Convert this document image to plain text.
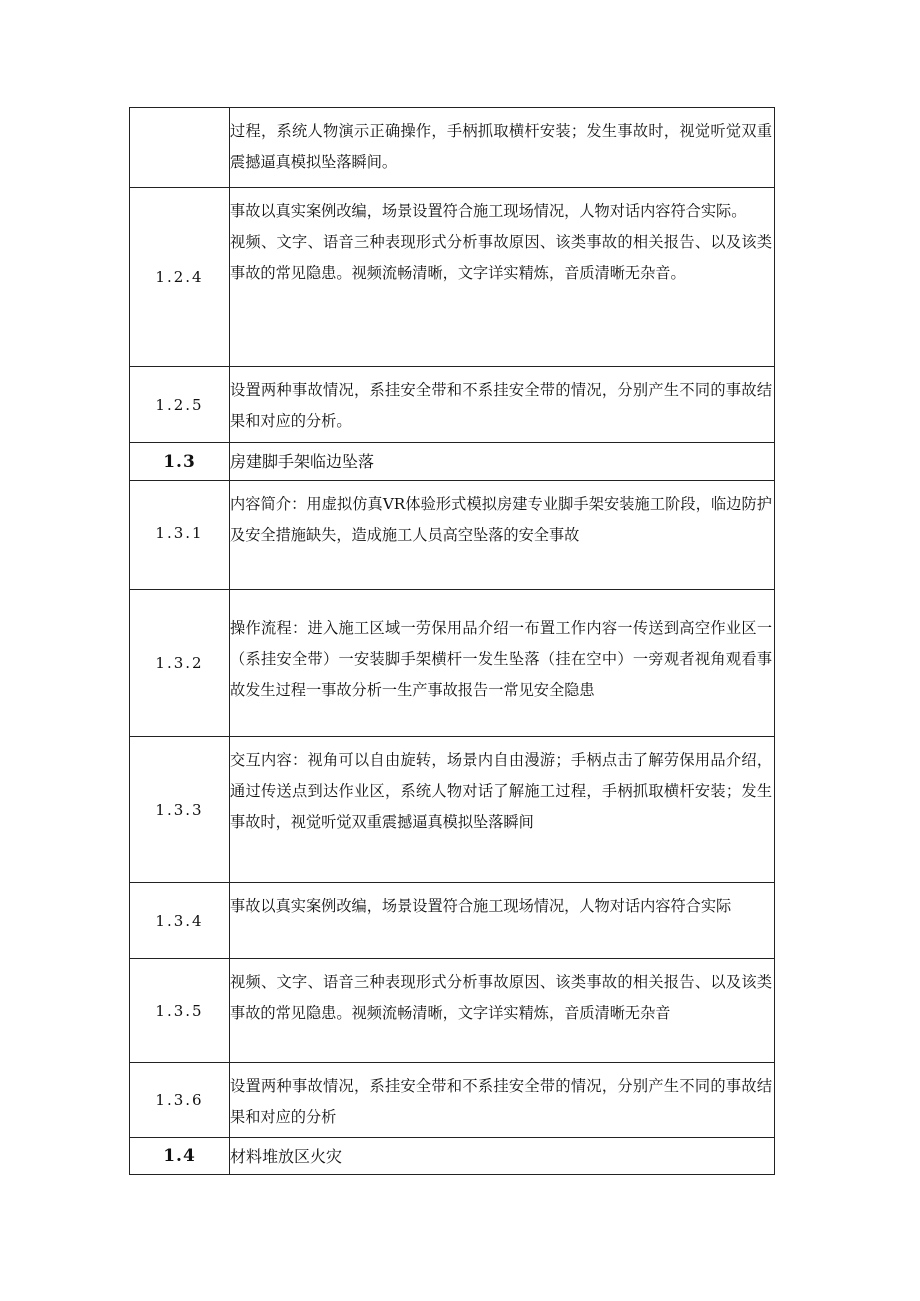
	过程，系统人物演示正确操作，手柄抓取横杆安装；发生事故时，视觉听觉双重震撼逼真模拟坠落瞬间。

1.2.4	事故以真实案例改编，场景设置符合施工现场情况，人物对话内容符合实际。

视频、文字、语音三种表现形式分析事故原因、该类事故的相关报告、以及该类事故的常见隐患。视频流畅清晰，文字详实精炼，音质清晰无杂音。

1.2.5	设置两种事故情况，系挂安全带和不系挂安全带的情况，分别产生不同的事故结果和对应的分析。

1.3	房建脚手架临边坠落

1.3.1	内容简介：用虚拟仿真VR体验形式模拟房建专业脚手架安装施工阶段，临边防护及安全措施缺失，造成施工人员高空坠落的安全事故

1.3.2	操作流程：进入施工区域一劳保用品介绍一布置工作内容一传送到高空作业区一（系挂安全带）一安装脚手架横杆一发生坠落（挂在空中）一旁观者视角观看事故发生过程一事故分析一生产事故报告一常见安全隐患

1.3.3	交互内容：视角可以自由旋转，场景内自由漫游；手柄点击了解劳保用品介绍，通过传送点到达作业区，系统人物对话了解施工过程，手柄抓取横杆安装；发生事故时，视觉听觉双重震撼逼真模拟坠落瞬间

1.3.4	事故以真实案例改编，场景设置符合施工现场情况，人物对话内容符合实际

1.3.5	视频、文字、语音三种表现形式分析事故原因、该类事故的相关报告、以及该类事故的常见隐患。视频流畅清晰，文字详实精炼，音质清晰无杂音

1.3.6	设置两种事故情况，系挂安全带和不系挂安全带的情况，分别产生不同的事故结果和对应的分析

1.4	材料堆放区火灾
